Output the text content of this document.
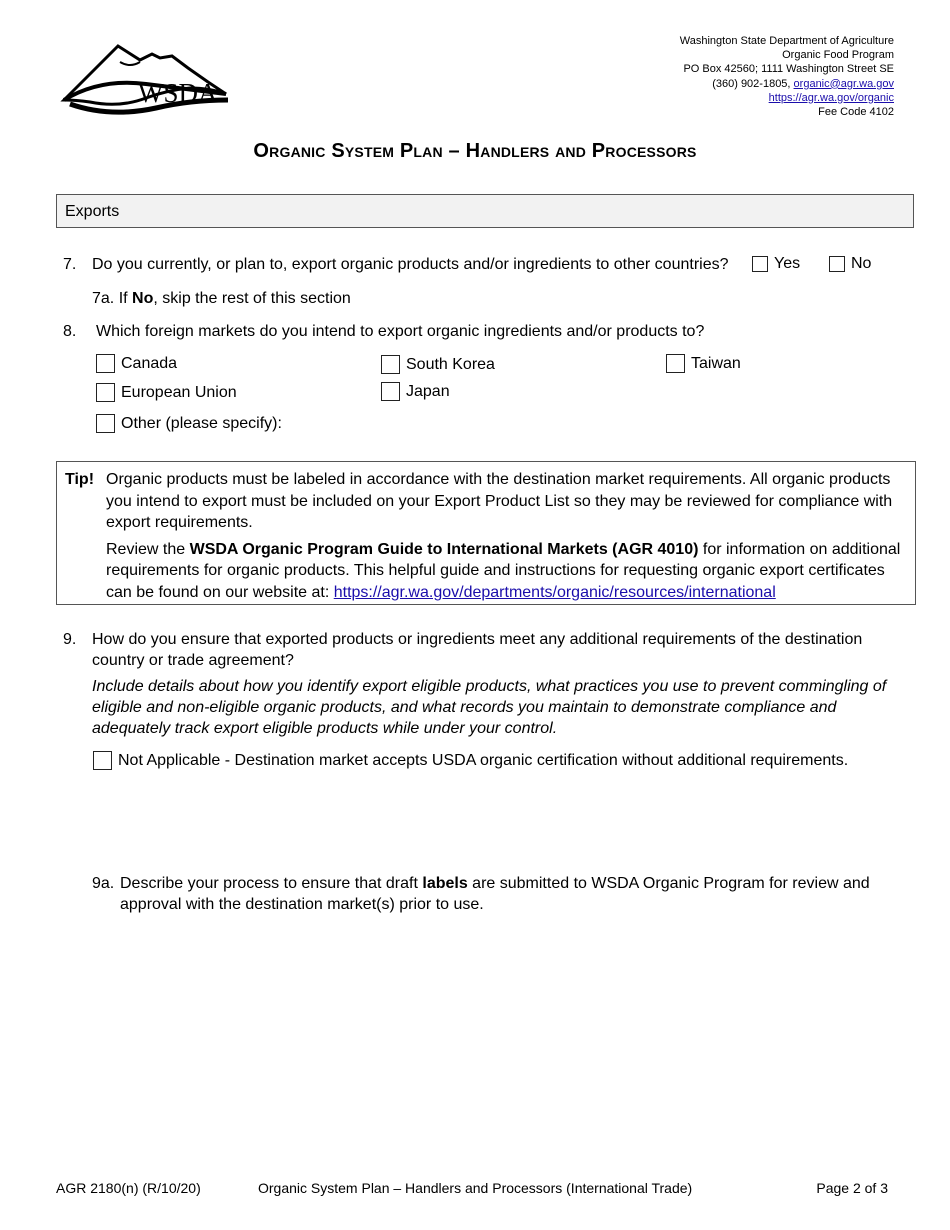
WSDA
Washington State Department of Agriculture
Organic Food Program
PO Box 42560; 1111 Washington Street SE
(360) 902-1805, organic@agr.wa.gov
https://agr.wa.gov/organic
Fee Code 4102
Organic System Plan – Handlers and Processors
Exports
7. Do you currently, or plan to, export organic products and/or ingredients to other countries?	Yes	No
7a. If No, skip the rest of this section
8. Which foreign markets do you intend to export organic ingredients and/or products to?
Canada
European Union
Other (please specify):
South Korea
Japan
Taiwan
Tip! Organic products must be labeled in accordance with the destination market requirements. All organic products you intend to export must be included on your Export Product List so they may be reviewed for compliance with export requirements.

Review the WSDA Organic Program Guide to International Markets (AGR 4010) for information on additional requirements for organic products. This helpful guide and instructions for requesting organic export certificates can be found on our website at: https://agr.wa.gov/departments/organic/resources/international

9. How do you ensure that exported products or ingredients meet any additional requirements of the destination country or trade agreement?
Include details about how you identify export eligible products, what practices you use to prevent commingling of eligible and non-eligible organic products, and what records you maintain to demonstrate compliance and adequately track export eligible products while under your control.
Not Applicable - Destination market accepts USDA organic certification without additional requirements.
9a. Describe your process to ensure that draft labels are submitted to WSDA Organic Program for review and approval with the destination market(s) prior to use.
AGR 2180(n) (R/10/20)	Organic System Plan – Handlers and Processors (International Trade)	Page 2 of 3
